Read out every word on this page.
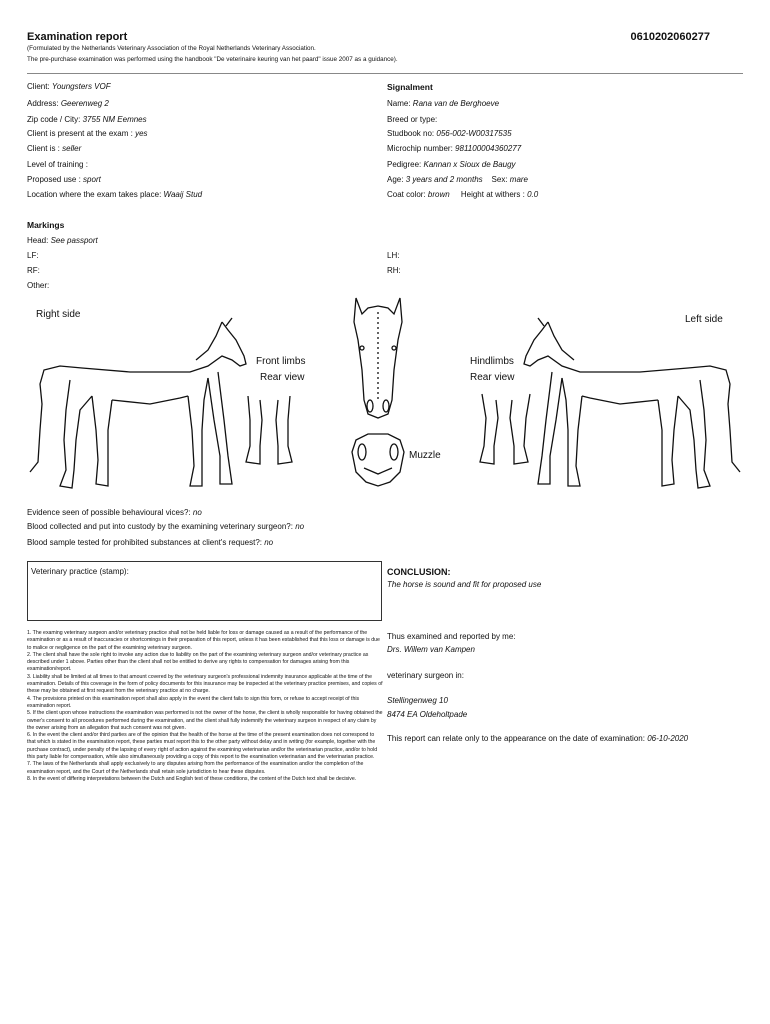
Examination report	0610202060277
(Formulated by the Netherlands Veterinary Association of the Royal Netherlands Veterinary Association.
The pre-purchase examination was performed using the handbook "De veterinaire keuring van het paard" issue 2007 as a guidance).
Client: Youngsters VOF
Address: Geerenweg 2
Zip code / City: 3755 NM Eemnes
Client is present at the exam : yes
Client is : seller
Level of training :
Proposed use : sport
Location where the exam takes place: Waaij Stud
Signalment
Name: Rana van de Berghoeve
Breed or type:
Studbook no: 056-002-W00317535
Microchip number: 981100004360277
Pedigree: Kannan x Sioux de Baugy
Age: 3 years and 2 months Sex: mare
Coat color: brown Height at withers : 0.0
Markings
Head: See passport
LF:
RF:
Other:
LH:
RH:
Right side	Left side
Front limbs
Rear view
Hindlimbs
Rear view
Muzzle
Evidence seen of possible behavioural vices?: no
Blood collected and put into custody by the examining veterinary surgeon?: no
Blood sample tested for prohibited substances at client's request?: no
Veterinary practice (stamp):	CONCLUSION:
The horse is sound and fit for proposed use

1. The examing veterinary surgeon and/or veterinary practice shall not be held liable for loss or damage caused as a result of the performance of the examination or as a result of inaccuracies or shortcomings in their preparation of this report, unless it has been established that this loss or damage is due to malice or negligence on the part of the examining veterinary surgeon.

2. The client shall have the sole right to invoke any action due to liability on the part of the examining veterinary surgeon and/or veterinary practice as described under 1 above. Parties other than the client shall not be entitled to derive any rights to compensation for damages arising from this examination/report.

3. Liability shall be limited at all times to that amount covered by the veterinary surgeon's professional indemnity insurance applicable at the time of the examination. Details of this coverage in the form of policy documents for this insurance may be inspected at the veterinary practice premises, and copies of these may be obtained at first request from the veterinary practice at no charge.

4. The provisions printed on this examination report shall also apply in the event the client fails to sign this form, or refuse to accept receipt of this examination report.

5. If the client upon whose instructions the examination was performed is not the owner of the horse, the client is wholly responsible for having obtained the owner's consent to all procedures performed during the examination, and the client shall fully indemnify the veterinary surgeon in respect of any claim by the owner arising from an allegation that such consent was not given.

6. In the event the client and/or third parties are of the opinion that the health of the horse at the time of the present examination does not correspond to that which is stated in the examination report, these parties must report this to the other party without delay and in writing (for example, together with the purchase contract), under penalty of the lapsing of every right of action against the examining veterinarian and/or the veterinarian practice, and/or to hold this party liable for compensation, while also simultaneously providing a copy of this report to the examination veterinarian and the veterinarian practice.

7. The laws of the Netherlands shall apply exclusively to any disputes arising from the performance of the examination and/or the completion of the examination report, and the Court of the Netherlands shall retain sole jurisdiction to hear these disputes.

8. In the event of differing interpretations between the Dutch and English text of these conditions, the content of the Dutch text shall be decisive.

Thus examined and reported by me:
Drs. Willem van Kampen
veterinary surgeon in:
Stellingenweg 10
8474 EA Oldeholtpade
This report can relate only to the appearance on the date of examination: 06-10-2020
